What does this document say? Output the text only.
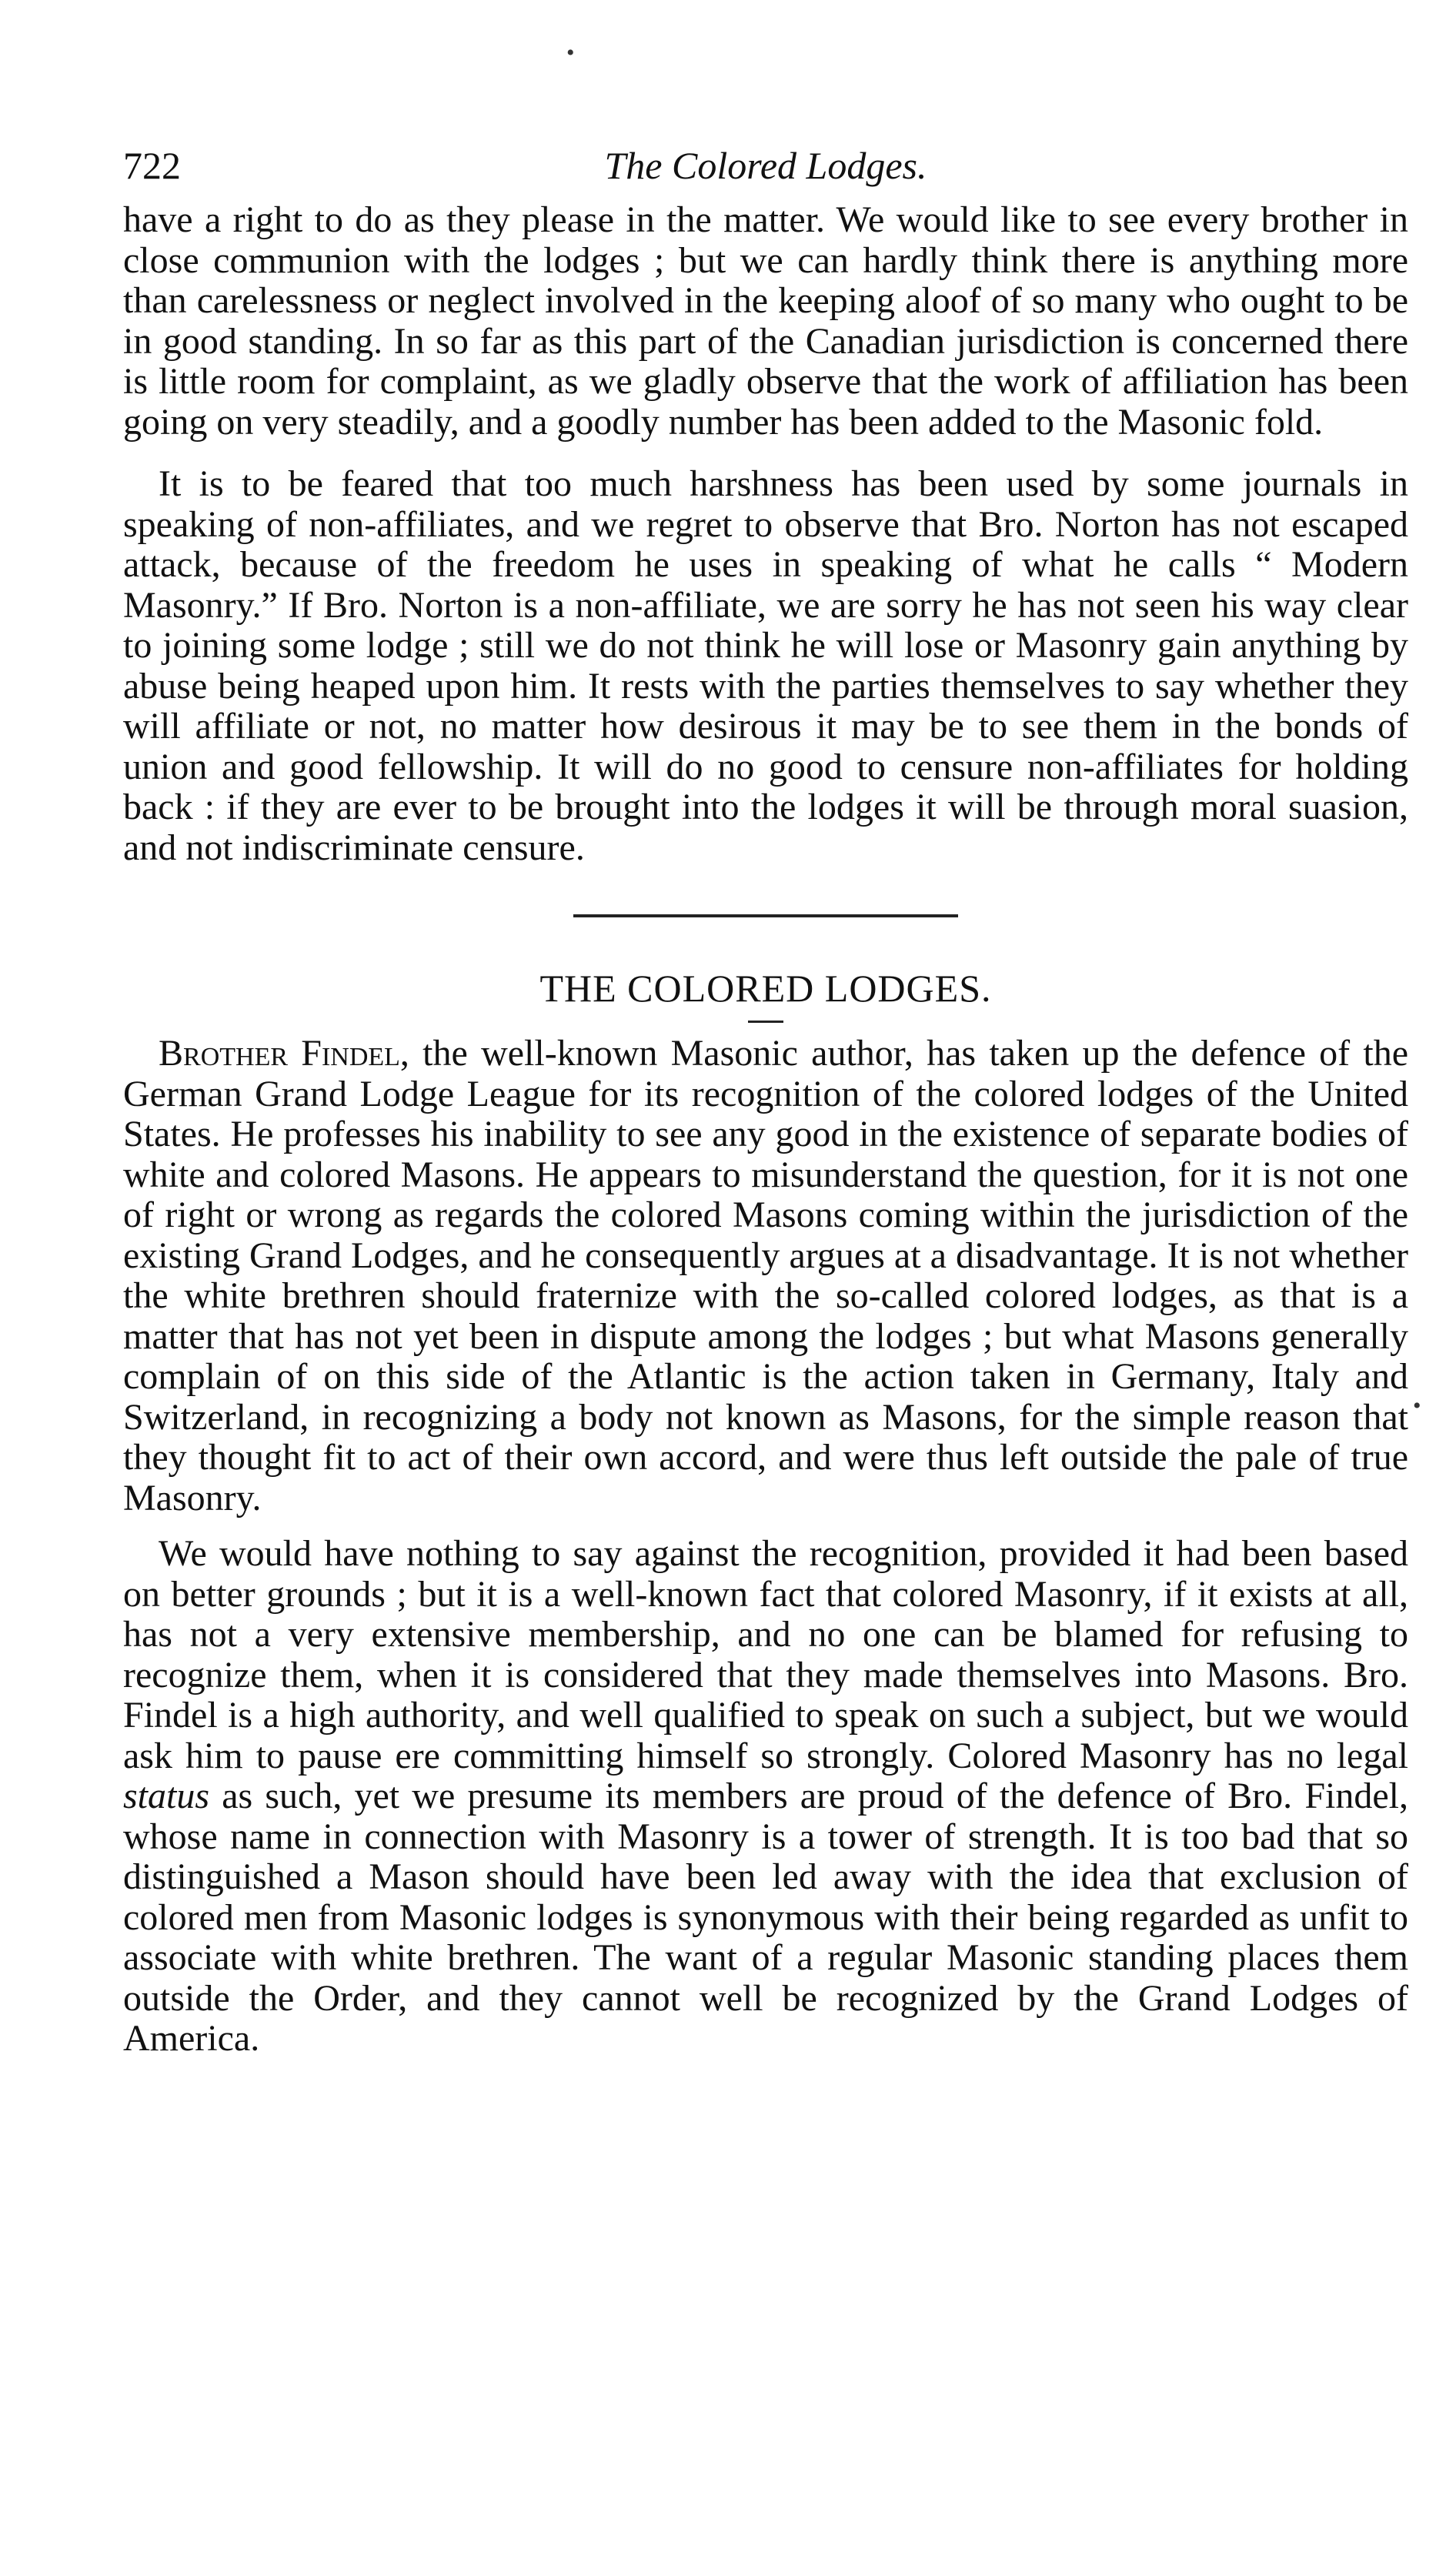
•
•
722	The Colored Lodges.

have a right to do as they please in the matter. We would like to see every brother in close communion with the lodges ; but we can hardly think there is anything more than carelessness or neglect involved in the keeping aloof of so many who ought to be in good standing. In so far as this part of the Canadian jurisdiction is concerned there is little room for complaint, as we gladly observe that the work of affiliation has been going on very steadily, and a goodly number has been added to the Masonic fold.

It is to be feared that too much harshness has been used by some journals in speaking of non-affiliates, and we regret to observe that Bro. Norton has not escaped attack, because of the freedom he uses in speaking of what he calls “ Modern Masonry.” If Bro. Norton is a non-affiliate, we are sorry he has not seen his way clear to joining some lodge ; still we do not think he will lose or Masonry gain anything by abuse being heaped upon him. It rests with the parties themselves to say whether they will affiliate or not, no matter how desirous it may be to see them in the bonds of union and good fellowship. It will do no good to censure non-affiliates for holding back : if they are ever to be brought into the lodges it will be through moral suasion, and not indiscriminate censure.

THE COLORED LODGES.

Brother Findel, the well-known Masonic author, has taken up the defence of the German Grand Lodge League for its recognition of the colored lodges of the United States. He professes his inability to see any good in the existence of separate bodies of white and colored Masons. He appears to misunderstand the question, for it is not one of right or wrong as regards the colored Masons coming within the jurisdiction of the existing Grand Lodges, and he consequently argues at a disadvantage. It is not whether the white brethren should fraternize with the so-called colored lodges, as that is a matter that has not yet been in dispute among the lodges ; but what Masons generally complain of on this side of the Atlantic is the action taken in Germany, Italy and Switzerland, in recognizing a body not known as Masons, for the simple reason that they thought fit to act of their own accord, and were thus left outside the pale of true Masonry.

We would have nothing to say against the recognition, provided it had been based on better grounds ; but it is a well-known fact that colored Masonry, if it exists at all, has not a very extensive membership, and no one can be blamed for refusing to recognize them, when it is considered that they made themselves into Masons. Bro. Findel is a high authority, and well qualified to speak on such a subject, but we would ask him to pause ere committing himself so strongly. Colored Masonry has no legal status as such, yet we presume its members are proud of the defence of Bro. Findel, whose name in connection with Masonry is a tower of strength. It is too bad that so distinguished a Mason should have been led away with the idea that exclusion of colored men from Masonic lodges is synonymous with their being regarded as unfit to associate with white brethren. The want of a regular Masonic standing places them outside the Order, and they cannot well be recognized by the Grand Lodges of America.
